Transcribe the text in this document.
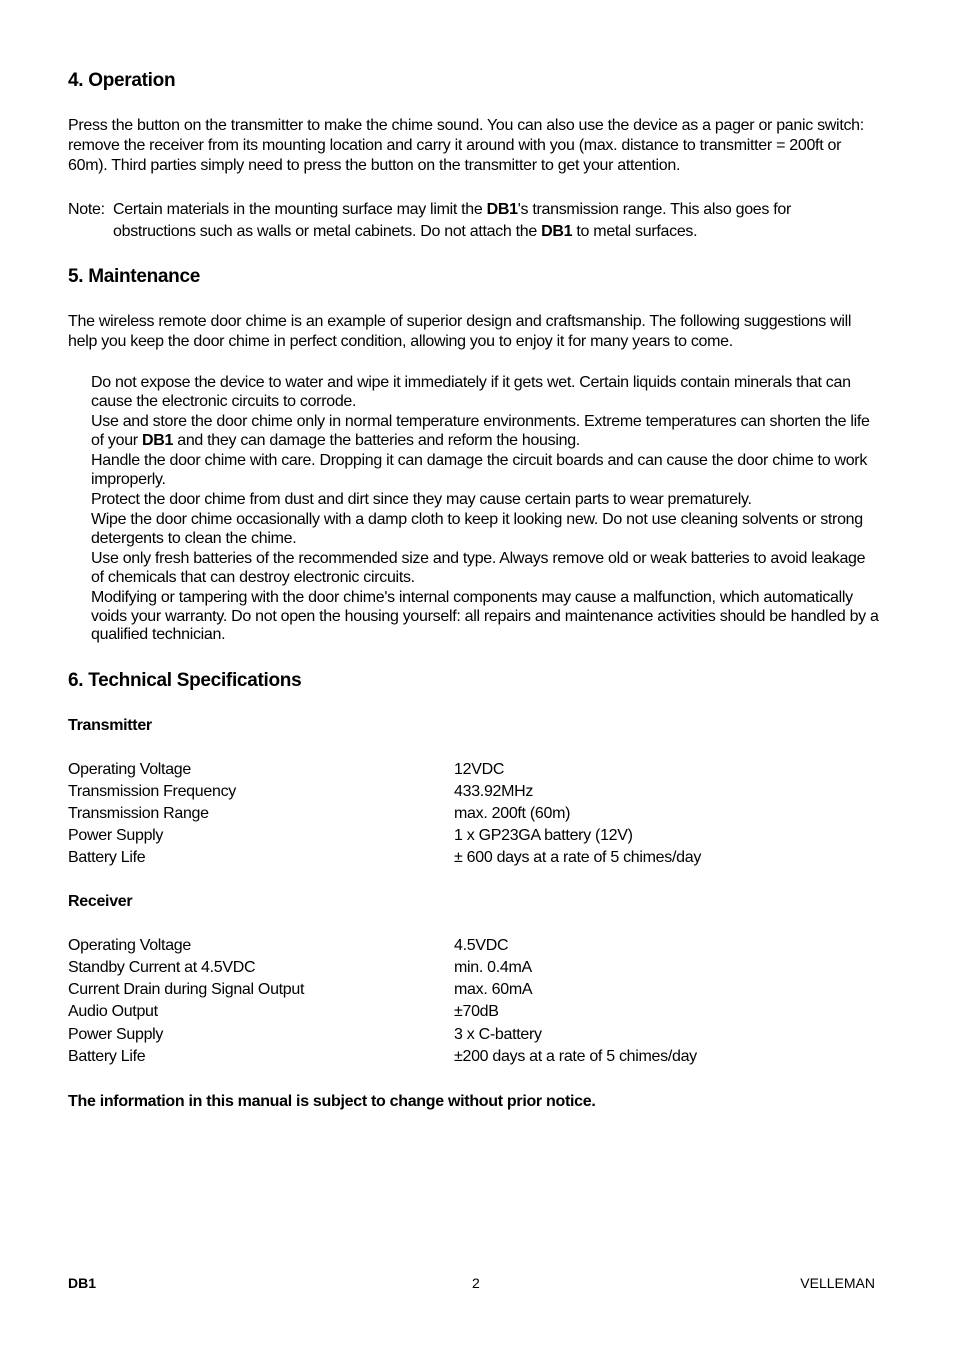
4. Operation
Press the button on the transmitter to make the chime sound. You can also use the device as a pager or panic switch: remove the receiver from its mounting location and carry it around with you (max. distance to transmitter = 200ft or 60m). Third parties simply need to press the button on the transmitter to get your attention.
Note: Certain materials in the mounting surface may limit the DB1's transmission range. This also goes for
obstructions such as walls or metal cabinets. Do not attach the DB1 to metal surfaces.
5. Maintenance
The wireless remote door chime is an example of superior design and craftsmanship. The following suggestions will help you keep the door chime in perfect condition, allowing you to enjoy it for many years to come.
Do not expose the device to water and wipe it immediately if it gets wet. Certain liquids contain minerals that can cause the electronic circuits to corrode.
Use and store the door chime only in normal temperature environments. Extreme temperatures can shorten the life of your DB1 and they can damage the batteries and reform the housing.
Handle the door chime with care. Dropping it can damage the circuit boards and can cause the door chime to work improperly.
Protect the door chime from dust and dirt since they may cause certain parts to wear prematurely.
Wipe the door chime occasionally with a damp cloth to keep it looking new. Do not use cleaning solvents or strong detergents to clean the chime.
Use only fresh batteries of the recommended size and type. Always remove old or weak batteries to avoid leakage of chemicals that can destroy electronic circuits.
Modifying or tampering with the door chime's internal components may cause a malfunction, which automatically voids your warranty. Do not open the housing yourself: all repairs and maintenance activities should be handled by a qualified technician.
6. Technical Specifications
Transmitter
Operating Voltage	12VDC
Transmission Frequency	433.92MHz
Transmission Range	max. 200ft (60m)
Power Supply	1 x GP23GA battery (12V)
Battery Life	± 600 days at a rate of 5 chimes/day
Receiver
Operating Voltage	4.5VDC
Standby Current at 4.5VDC	min. 0.4mA
Current Drain during Signal Output	max. 60mA
Audio Output	±70dB
Power Supply	3 x C-battery
Battery Life	±200 days at a rate of 5 chimes/day
The information in this manual is subject to change without prior notice.
DB1	2	VELLEMAN
